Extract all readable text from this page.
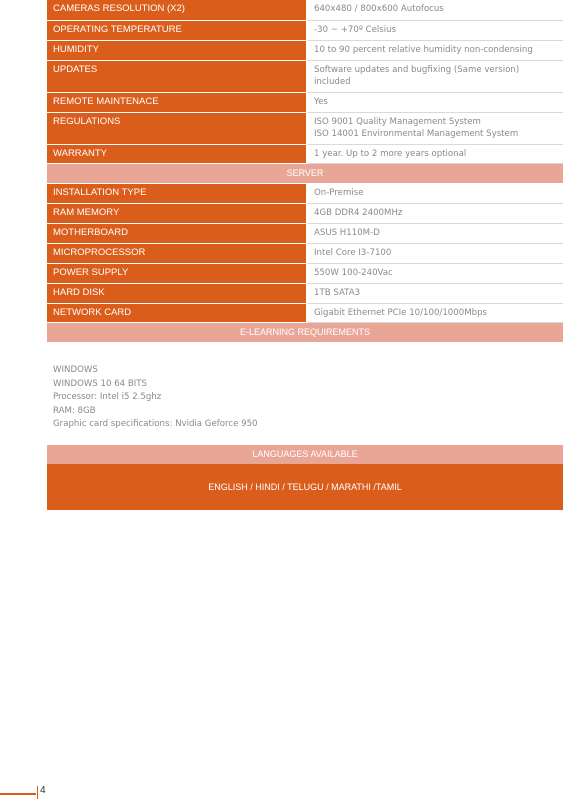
CAMERAS RESOLUTION (X2)	640x480 / 800x600 Autofocus
OPERATING TEMPERATURE	-30 ~ +70º Celsius
HUMIDITY	10 to 90 percent relative humidity non-condensing
UPDATES	Software updates and bugfixing (Same version) included
REMOTE MAINTENACE	Yes
REGULATIONS	ISO 9001 Quality Management System
ISO 14001 Environmental Management System
WARRANTY	1 year. Up to 2 more years optional
SERVER	
INSTALLATION TYPE	On-Premise
RAM MEMORY	4GB DDR4 2400MHz
MOTHERBOARD	ASUS H110M-D
MICROPROCESSOR	Intel Core I3-7100
POWER SUPPLY	550W 100-240Vac
HARD DISK	1TB SATA3
NETWORK CARD	Gigabit Ethernet PCIe 10/100/1000Mbps
E-LEARNING REQUIREMENTS	
WINDOWS
WINDOWS 10 64 BITS
Processor: Intel i5 2.5ghz
RAM: 8GB
Graphic card specifications: Nvidia Geforce 950
LANGUAGES AVAILABLE
ENGLISH / HINDI / TELUGU / MARATHI /TAMIL
4
